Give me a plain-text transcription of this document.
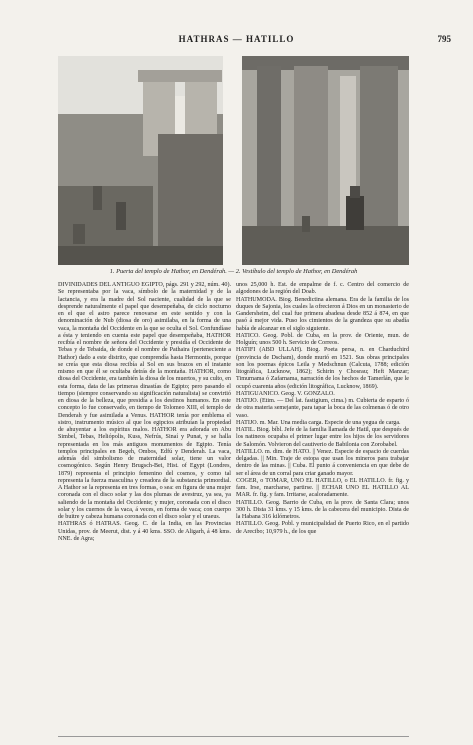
HATHRAS — HATILLO	795
1. Puerta del templo de Hathor, en Dendérah. — 2. Vestíbulo del templo de Hathor, en Dendérah

DIVINIDADES DEL ANTIGUO EGIPTO, págs. 291 y 292, núm. 40). Se representaba por la vaca, símbolo de la maternidad y de la lactancia, y era la madre del Sol naciente, cualidad de la que se desprende naturalmente el papel que desempeñaba, de ciclo nocturno en el que el astro parece renovarse en este sentido y con la denominación de Nub (diosa de oro) asimilaba, en la forma de una vaca, la montaña del Occidente en la que se oculta el Sol. Confundíase a ésta y teniendo en cuenta este papel que desempeñaba, HATHOR recibía el nombre de señora del Occidente y presidía el Occidente de Tebas y de Tebaida, de donde el nombre de Pathaira (perteneciente a Hathor) dado a este distrito, que comprendía hasta Hermontis, porque se creía que esta diosa recibía al Sol en sus brazos en el instante mismo en que él se ocultaba detrás de la montaña. HATHOR, como diosa del Occidente, era también la diosa de los muertos, y su culto, en esta forma, data de las primeras dinastías de Egipto; pero pasando el tiempo (siempre conservando su significación naturalista) se convirtió en diosa de la belleza, que presidía a los destinos humanos. En este concepto lo fue conservado, en tiempo de Tolomeo XIII, el templo de Denderah y fue asimilada a Venus. HATHOR tenía por emblema el sistro, instrumento músico al que los egipcios atribuían la propiedad de ahuyentar a los espíritus malos. HATHOR era adorada en Abu Simbel, Tebas, Heliópolis, Kuss, Nefrús, Sinaí y Punat, y se halla representada en los más antiguos monumentos de Egipto. Tenía templos principales en Begeh, Ombos, Edfú y Denderah. La vaca, además del simbolismo de maternidad solar, tiene un valor cosmogónico. Según Henry Brugsch-Bei, Hist. of Egypt (Londres, 1879) representa el principio femenino del cosmos, y como tal representa la fuerza masculina y creadora de la substancia primordial. A Hathor se la representa en tres formas, o sea: en figura de una mujer coronada con el disco solar y las dos plumas de avestruz, ya sea, ya saliendo de la montaña del Occidente; y mujer, coronada con el disco solar y los cuernos de la vaca, á veces, en forma de vaca; con cuerpo de buitre y cabeza humana coronada con el disco solar y el uraeus.

HATHRAS ó HATRAS. Geog. C. de la India, en las Provincias Unidas, prov. de Meerut, dist. y á 40 kms. SSO. de Aligarh, á 48 kms. NNE. de Agra;

unos 25,000 h. Est. de empalme de f. c. Centro del comercio de algodones de la región del Doab.

HATHUMODA. Biog. Benedictina alemana. Era de la familia de los duques de Sajonia, los cuales la ofrecieron á Dios en un monasterio de Gandersheim, del cual fue primera abadesa desde 852 á 874, en que pasó á mejor vida. Puso los cimientos de la grandeza que su abadía había de alcanzar en el siglo siguiente.

HATICO. Geog. Pobl. de Cuba, en la prov. de Oriente, mun. de Holguín; unos 500 h. Servicio de Correos.

HATIFI (ABD ULLAH). Biog. Poeta persa, n. en Charduchird (provincia de Dscham), donde murió en 1521. Sus obras principales son los poemas épicos Leila y Medschnun (Calcuta, 1788; edición litográfica, Lucknow, 1862); Schirin y Chosrau; Heft Manzar; Timurnama ó Zafarnama, narración de los hechos de Tamerlán, que le ocupó cuarenta años (edición litográfica, Lucknow, 1869).

HATIGUANICO. Geog. V. GONZALO.

HATIJO. (Etim. — Del lat. fastigium, cima.) m. Cubierta de esparto ó de otra materia semejante, para tapar la boca de las colmenas ó de otro vaso.

HATIJO. m. Mar. Una media carga. Especie de una yegua de carga.

HATIL. Biog. bíbl. Jefe de la familia llamada de Hatil, que después de los natineos ocupaba el primer lugar entre los hijos de los servidores de Salomón. Volvieron del cautiverio de Babilonia con Zorobabel.

HATILLO. m. dim. de HATO. || Venez. Especie de espacio de cuerdas delgadas. || Min. Traje de estopa que usan los mineros para trabajar dentro de las minas. || Cuba. El punto á conveniencia en que debe de ser el área de un corral para criar ganado mayor.

COGER, o TOMAR, UNO EL HATILLO, o EL HATILLO. fr. fig. y fam. Irse, marcharse, partirse. || ECHAR UNO EL HATILLO AL MAR. fr. fig. y fam. Irritarse, acaloradamente.

HATILLO. Geog. Barrio de Cuba, en la prov. de Santa Clara; unos 300 h. Dista 31 kms. y 15 kms. de la cabecera del municipio. Dista de la Habana 316 kilómetros.

HATILLO. Geog. Pobl. y municipalidad de Puerto Rico, en el partido de Arecibo; 10,979 h., de los que
